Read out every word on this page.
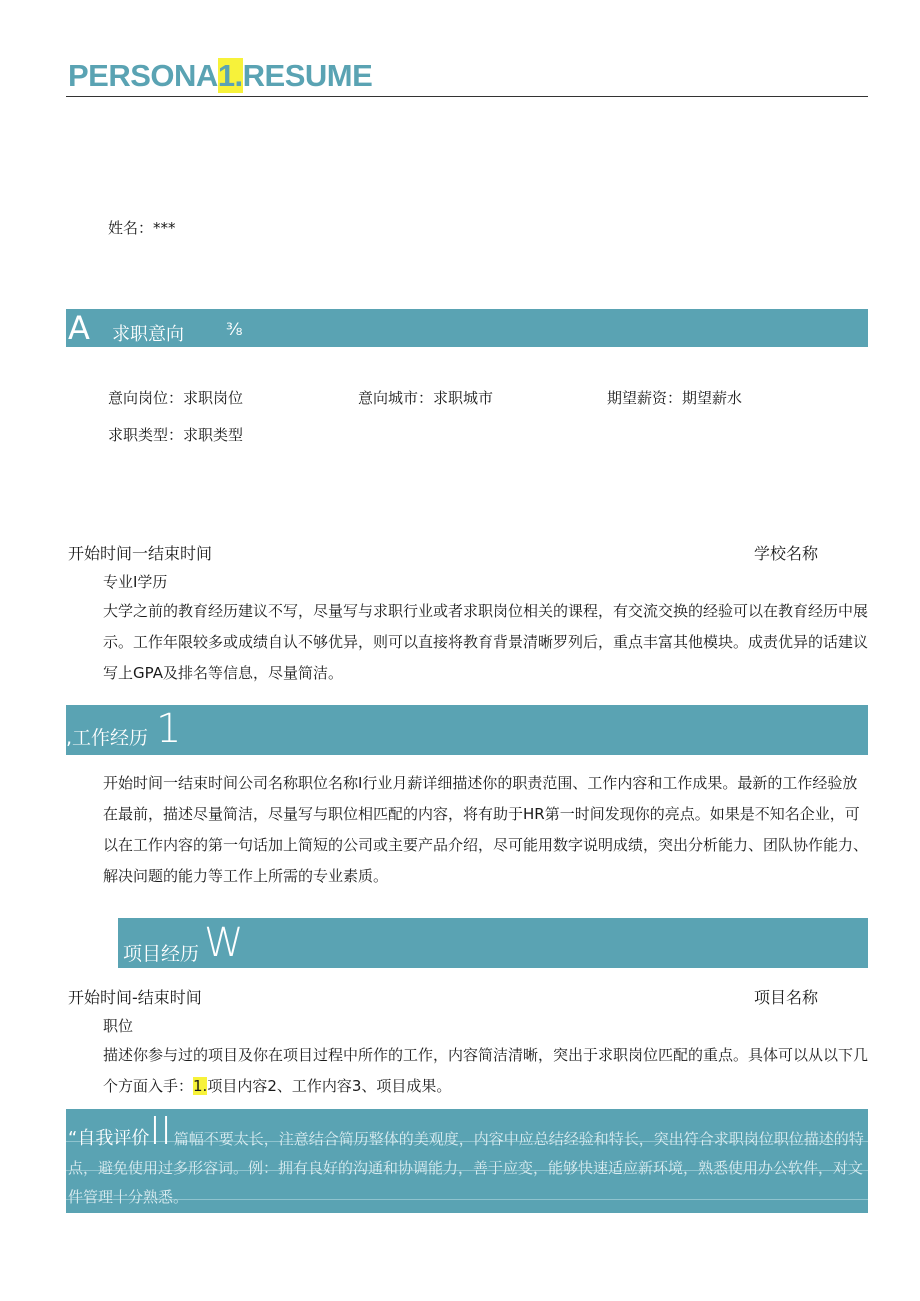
PERSONA1.RESUME
姓名：***
A 求职意向 ⅜
意向岗位：求职岗位	意向城市：求职城市	期望薪资：期望薪水
求职类型：求职类型
开始时间一结束时间	学校名称
专业I学历
大学之前的教育经历建议不写，尽量写与求职行业或者求职岗位相关的课程，有交流交换的经验可以在教育经历中展示。工作年限较多或成绩自认不够优异，则可以直接将教育背景清晰罗列后，重点丰富其他模块。成责优异的话建议写上GPA及排名等信息，尽量简洁。
,工作经历 1
开始时间一结束时间公司名称职位名称I行业月薪详细描述你的职责范围、工作内容和工作成果。最新的工作经验放在最前，描述尽量简洁，尽量写与职位相匹配的内容，将有助于HR第一时间发现你的亮点。如果是不知名企业，可以在工作内容的第一句话加上简短的公司或主要产品介绍，尽可能用数字说明成绩，突出分析能力、团队协作能力、解决问题的能力等工作上所需的专业素质。
项目经历 W
开始时间-结束时间	项目名称
职位
描述你参与过的项目及你在项目过程中所作的工作，内容简洁清晰，突出于求职岗位匹配的重点。具体可以从以下几个方面入手：1.项目内容2、工作内容3、项目成果。
“自我评价II 篇幅不要太长，注意结合简历整体的美观度，内容中应总结经验和特长，突出符合求职岗位职位描述的特点，避免使用过多形容词。例：拥有良好的沟通和协调能力，善于应变，能够快速适应新环境，熟悉使用办公软件，对文件管理十分熟悉。
